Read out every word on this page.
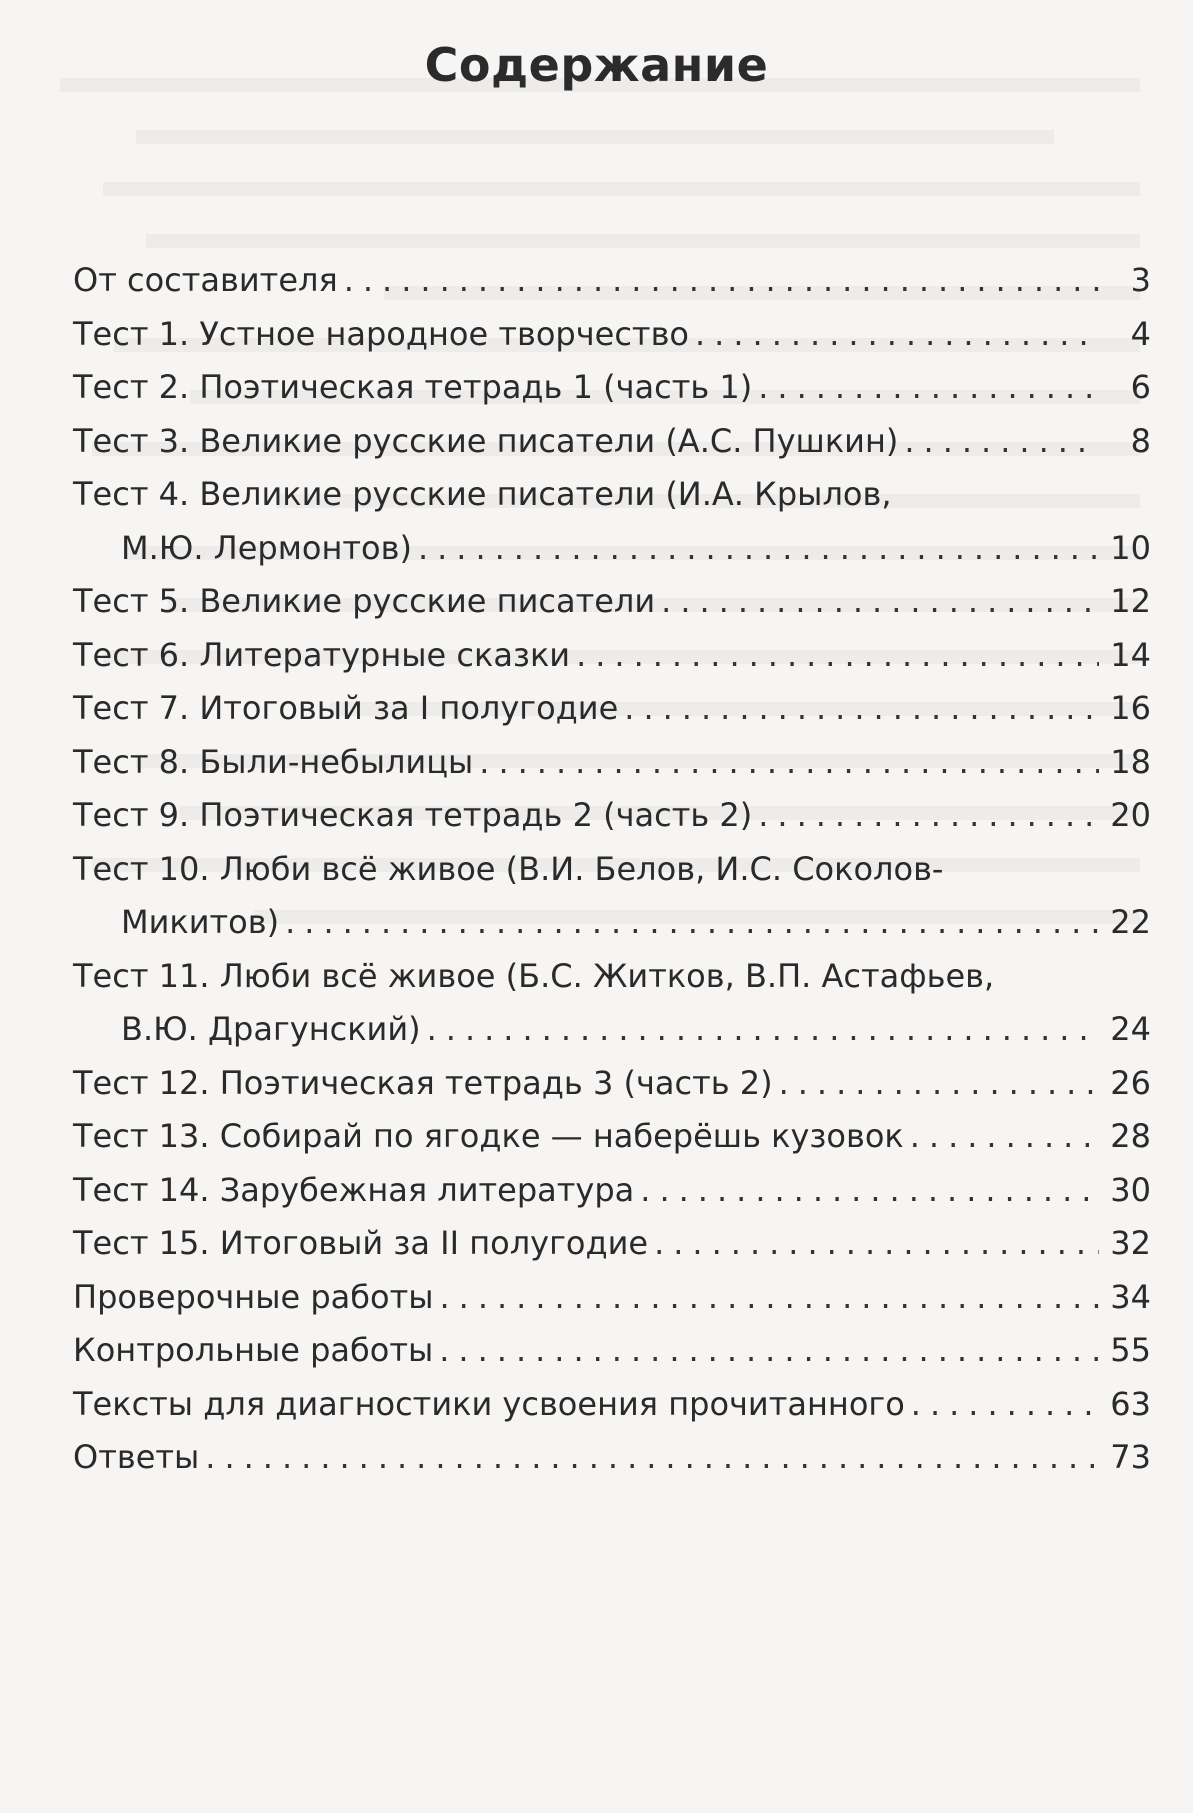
Содержание
От составителя .....	3
Тест 1. Устное народное творчество .....	4
Тест 2. Поэтическая тетрадь 1 (часть 1) .....	6
Тест 3. Великие русские писатели (А.С. Пушкин) .....	8
Тест 4. Великие русские писатели (И.А. Крылов,
М.Ю. Лермонтов) .....	10
Тест 5. Великие русские писатели .....	12
Тест 6. Литературные сказки .....	14
Тест 7. Итоговый за I полугодие .....	16
Тест 8. Были-небылицы .....	18
Тест 9. Поэтическая тетрадь 2 (часть 2) .....	20
Тест 10. Люби всё живое (В.И. Белов, И.С. Соколов-
Микитов) .....	22
Тест 11. Люби всё живое (Б.С. Житков, В.П. Астафьев,
В.Ю. Драгунский) .....	24
Тест 12. Поэтическая тетрадь 3 (часть 2) .....	26
Тест 13. Собирай по ягодке — наберёшь кузовок .....	28
Тест 14. Зарубежная литература .....	30
Тест 15. Итоговый за II полугодие .....	32
Проверочные работы .....	34
Контрольные работы .....	55
Тексты для диагностики усвоения прочитанного .....	63
Ответы .....	73
